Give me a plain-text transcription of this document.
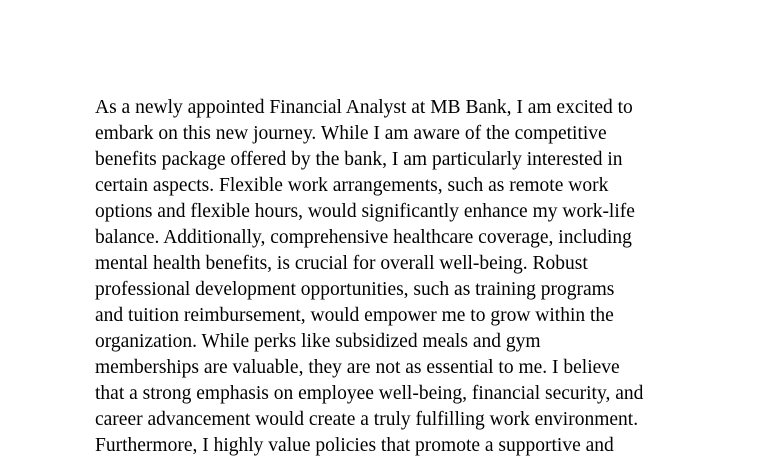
As a newly appointed Financial Analyst at MB Bank, I am excited to
embark on this new journey. While I am aware of the competitive
benefits package offered by the bank, I am particularly interested in
certain aspects. Flexible work arrangements, such as remote work
options and flexible hours, would significantly enhance my work-life
balance. Additionally, comprehensive healthcare coverage, including
mental health benefits, is crucial for overall well-being. Robust
professional development opportunities, such as training programs
and tuition reimbursement, would empower me to grow within the
organization. While perks like subsidized meals and gym
memberships are valuable, they are not as essential to me. I believe
that a strong emphasis on employee well-being, financial security, and
career advancement would create a truly fulfilling work environment.
Furthermore, I highly value policies that promote a supportive and
